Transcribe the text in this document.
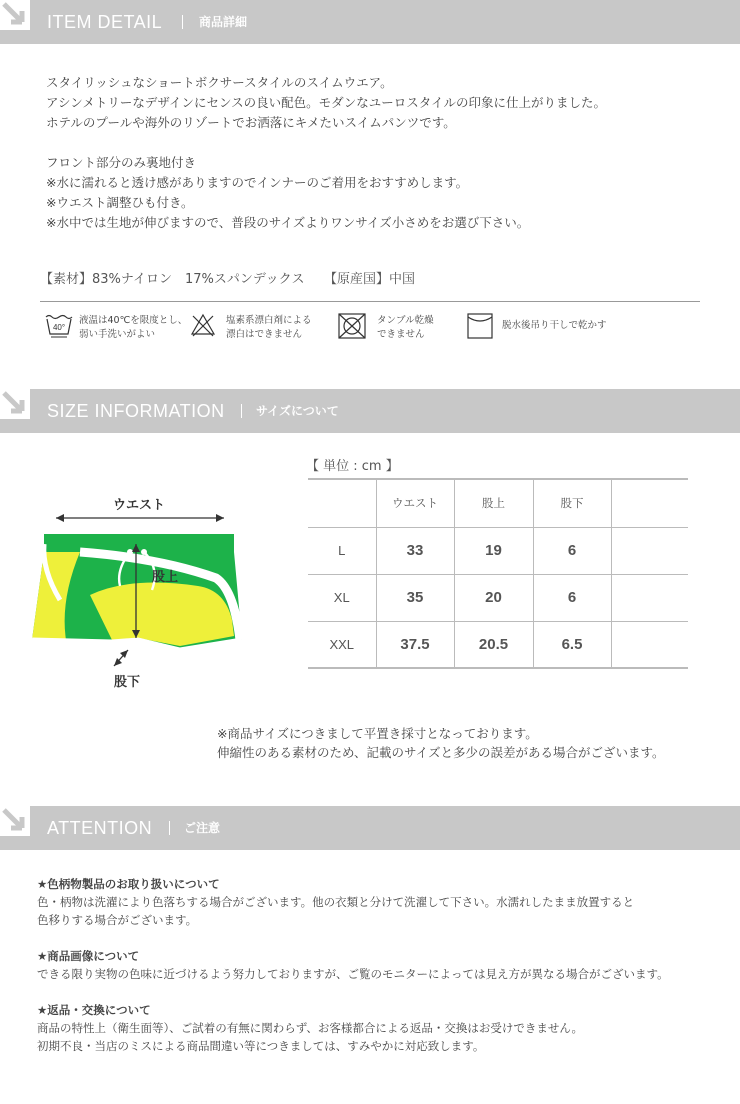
ITEM DETAIL	商品詳細
スタイリッシュなショートボクサースタイルのスイムウエア。
アシンメトリーなデザインにセンスの良い配色。モダンなユーロスタイルの印象に仕上がりました。
ホテルのプールや海外のリゾートでお洒落にキメたいスイムパンツです。
フロント部分のみ裏地付き
※水に濡れると透け感がありますのでインナーのご着用をおすすめします。
※ウエスト調整ひも付き。
※水中では生地が伸びますので、普段のサイズよりワンサイズ小さめをお選び下さい。
【素材】83%ナイロン　17%スパンデックス　　【原産国】中国
40°
液温は40℃を限度とし、
弱い手洗いがよい
塩素系漂白剤による
漂白はできません
タンブル乾燥
できません
脱水後吊り干しで乾かす
SIZE INFORMATION	サイズについて
ウエスト
股上
股下
【 単位 : cm 】
	ウエスト	股上	股下	
L	33	19	6	
XL	35	20	6	
XXL	37.5	20.5	6.5	
※商品サイズにつきまして平置き採寸となっております。
伸縮性のある素材のため、記載のサイズと多少の誤差がある場合がございます。
ATTENTION	ご注意
★色柄物製品のお取り扱いについて
色・柄物は洗濯により色落ちする場合がございます。他の衣類と分けて洗濯して下さい。水濡れしたまま放置すると
色移りする場合がございます。
★商品画像について
できる限り実物の色味に近づけるよう努力しておりますが、ご覧のモニターによっては見え方が異なる場合がございます。
★返品・交換について
商品の特性上（衛生面等）、ご試着の有無に関わらず、お客様都合による返品・交換はお受けできません。
初期不良・当店のミスによる商品間違い等につきましては、すみやかに対応致します。
